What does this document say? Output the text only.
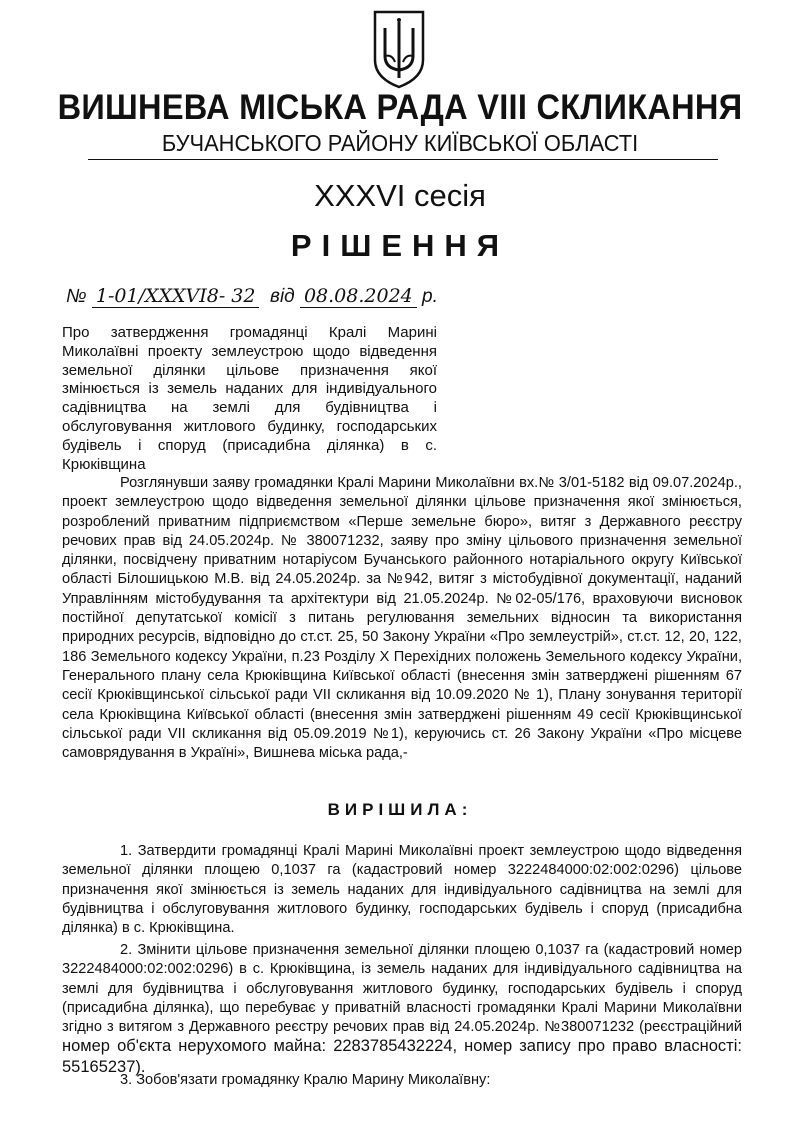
ВИШНЕВА МІСЬКА РАДА VIII СКЛИКАННЯ
БУЧАНСЬКОГО РАЙОНУ КИЇВСЬКОЇ ОБЛАСТІ
XXXVI сесія
РІШЕННЯ
№ 1-01/XXXVI8- 32 від 08.08.2024 р.
Про затвердження громадянці Кралі Марині Миколаївні проекту землеустрою щодо відведення земельної ділянки цільове призначення якої змінюється із земель наданих для індивідуального садівництва на землі для будівництва і обслуговування житлового будинку, господарських будівель і споруд (присадибна ділянка) в с. Крюківщина

Розглянувши заяву громадянки Кралі Марини Миколаївни вх.№ 3/01-5182 від 09.07.2024р., проект землеустрою щодо відведення земельної ділянки цільове призначення якої змінюється, розроблений приватним підприємством «Перше земельне бюро», витяг з Державного реєстру речових прав від 24.05.2024р. № 380071232, заяву про зміну цільового призначення земельної ділянки, посвідчену приватним нотаріусом Бучанського районного нотаріального округу Київської області Білошицькою М.В. від 24.05.2024р. за №942, витяг з містобудівної документації, наданий Управлінням містобудування та архітектури від 21.05.2024р. №02-05/176, враховуючи висновок постійної депутатської комісії з питань регулювання земельних відносин та використання природних ресурсів, відповідно до ст.ст. 25, 50 Закону України «Про землеустрій», ст.ст. 12, 20, 122, 186 Земельного кодексу України, п.23 Розділу X Перехідних положень Земельного кодексу України, Генерального плану села Крюківщина Київської області (внесення змін затверджені рішенням 67 сесії Крюківщинської сільської ради VII скликання від 10.09.2020 № 1), Плану зонування території села Крюківщина Київської області (внесення змін затверджені рішенням 49 сесії Крюківщинської сільської ради VII скликання від 05.09.2019 №1), керуючись ст. 26 Закону України «Про місцеве самоврядування в Україні», Вишнева міська рада,-

ВИРІШИЛА:

1. Затвердити громадянці Кралі Марині Миколаївні проект землеустрою щодо відведення земельної ділянки площею 0,1037 га (кадастровий номер 3222484000:02:002:0296) цільове призначення якої змінюється із земель наданих для індивідуального садівництва на землі для будівництва і обслуговування житлового будинку, господарських будівель і споруд (присадибна ділянка) в с. Крюківщина.

2. Змінити цільове призначення земельної ділянки площею 0,1037 га (кадастровий номер 3222484000:02:002:0296) в с. Крюківщина, із земель наданих для індивідуального садівництва на землі для будівництва і обслуговування житлового будинку, господарських будівель і споруд (присадибна ділянка), що перебуває у приватній власності громадянки Кралі Марини Миколаївни згідно з витягом з Державного реєстру речових прав від 24.05.2024р. №380071232 (реєстраційний номер об'єкта нерухомого майна: 2283785432224, номер запису про право власності: 55165237).

3. Зобов'язати громадянку Кралю Марину Миколаївну:
